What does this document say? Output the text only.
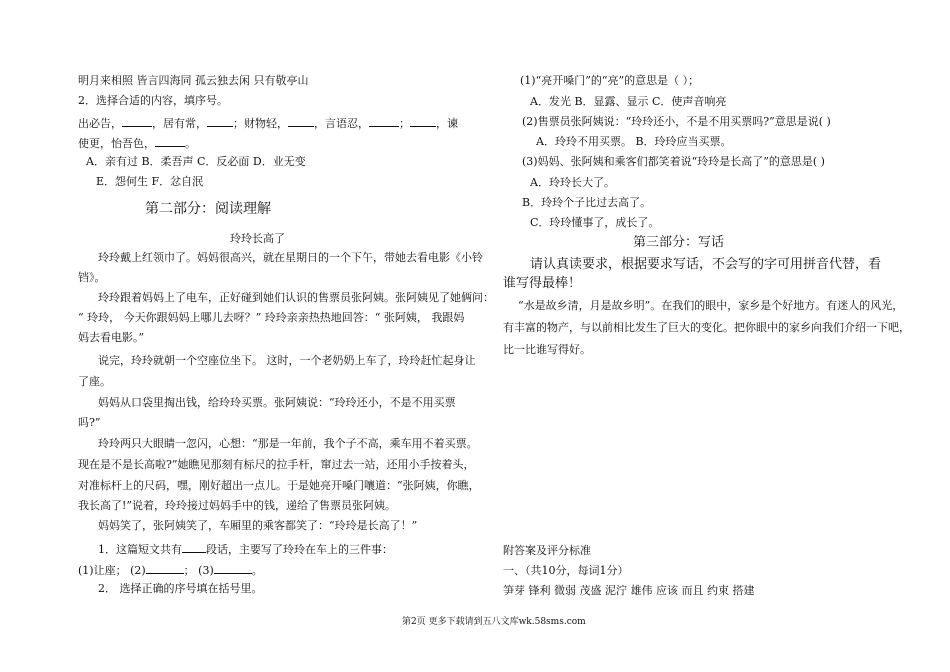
明月来相照 皆言四海同 孤云独去闲 只有敬亭山
2．选择合适的内容，填序号。
出必告，	，居有常， ；财物轻， ，言语忍，	； ，谏
使更，怡吾色，	。
A．亲有过 B．柔吾声 C．反必面 D．业无变
E．怨何生 F．忿自泯
第二部分：阅读理解
玲玲长高了
玲玲戴上红领巾了。妈妈很高兴，就在星期日的一个下午，带她去看电影《小铃
铛》。
玲玲跟着妈妈上了电车，正好碰到她们认识的售票员张阿姨。张阿姨见了她俩问：
“ 玲玲， 今天你跟妈妈上哪儿去呀？” 玲玲亲亲热热地回答：“ 张阿姨， 我跟妈
妈去看电影。”
说完，玲玲就朝一个空座位坐下。 这时，一个老奶奶上车了，玲玲赶忙起身让
了座。
妈妈从口袋里掏出钱，给玲玲买票。张阿姨说：“玲玲还小，不是不用买票
吗?”
玲玲两只大眼睛一忽闪，心想：“那是一年前，我个子不高，乘车用不着买票。
现在是不是长高啦?”她瞧见那刻有标尺的拉手杆，窜过去一站，还用小手按着头，
对准标杆上的尺码，嘿，刚好超出一点儿。于是她亮开嗓门嚷道：“张阿姨，你瞧，
我长高了!”说着，玲玲接过妈妈手中的钱，递给了售票员张阿姨。
妈妈笑了，张阿姨笑了，车厢里的乘客都笑了：“玲玲是长高了！”
1．这篇短文共有 段话，主要写了玲玲在车上的三件事：
(1)让座； (2)	； (3)	。
2． 选择正确的序号填在括号里。
(1)“亮开嗓门”的“亮”的意思是（ ）；
A．发光 B．显露、显示 C．使声音响亮
(2)售票员张阿姨说：“玲玲还小，不是不用买票吗?”意思是说( )
A．玲玲不用买票。 B．玲玲应当买票。
(3)妈妈、张阿姨和乘客们都笑着说“玲玲是长高了”的意思是( )
A．玲玲长大了。
B．玲玲个子比过去高了。
C．玲玲懂事了，成长了。
第三部分：写话
请认真读要求，根据要求写话，不会写的字可用拼音代替，看
谁写得最棒！
“水是故乡清，月是故乡明”。在我们的眼中，家乡是个好地方。有迷人的风光，
有丰富的物产，与以前相比发生了巨大的变化。把你眼中的家乡向我们介绍一下吧，
比一比谁写得好。
附答案及评分标准
一、（共10分，每词1分）
笋芽 锋利 微弱 茂盛 泥泞 雄伟 应该 而且 约束 搭建
第2页 更多下载请到五八文库wk.58sms.com
